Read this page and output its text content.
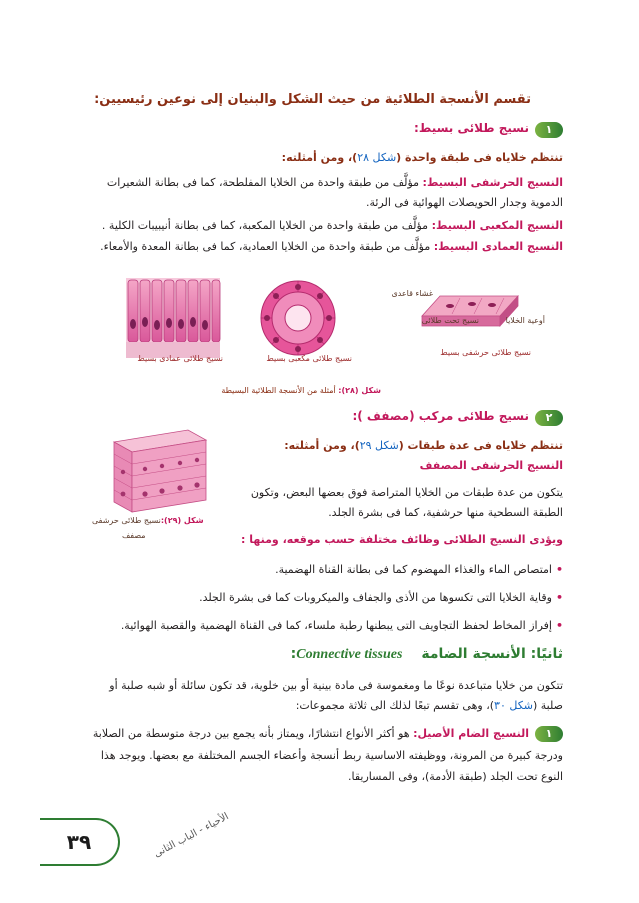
تقسم الأنسجة الطلائية من حيث الشكل والبنيان إلى نوعين رئيسيين:
١
نسيج طلائى بسيط:
تنتظم خلاياه فى طبقة واحدة (شكل ٢٨)، ومن أمثلته:
النسيج الحرشفى البسيط: مؤلَّف من طبقة واحدة من الخلايا المفلطحة، كما فى بطانة الشعيرات
الدموية وجدار الحويصلات الهوائية فى الرئة.
النسيج المكعبى البسيط: مؤلَّف من طبقة واحدة من الخلايا المكعبة، كما فى بطانة أنيبيبات الكلية .
النسيج العمادى البسيط: مؤلَّف من طبقة واحدة من الخلايا العمادية، كما فى بطانة المعدة والأمعاء.
غشاء قاعدى
أوعية الخلايا
نسيج تحت طلائى
نسيج طلائى عمادى بسيط	نسيج طلائى مكعبى بسيط
نسيج طلائى حرشفى بسيط
شكل (٢٨): أمثلة من الأنسجة الطلائية البسيطة
٢
نسيج طلائى مركب (مصفف ):
تنتظم خلاياه فى عدة طبقات (شكل ٢٩)، ومن أمثلته:
النسيج الحرشفى المصفف
يتكون من عدة طبقات من الخلايا المتراصة فوق بعضها البعض، وتكون
الطبقة السطحية منها حرشفية، كما فى بشرة الجلد.
شكل (٢٩):نسيج طلائى حرشفى
مصفف	ويؤدى النسيج الطلائى وظائف مختلفة حسب موقعه، ومنها :
•امتصاص الماء والغذاء المهضوم كما فى بطانة القناة الهضمية.
•وقاية الخلايا التى تكسوها من الأذى والجفاف والميكروبات كما فى بشرة الجلد.
•إفراز المخاط لحفظ التجاويف التى يبطنها رطبة ملساء، كما فى القناة الهضمية والقصبة الهوائية.
ثانيًا: الأنسجة الضامة Connective tissues:
تتكون من خلايا متباعدة نوعًا ما ومغموسة فى مادة بينية أو بين خلوية، قد تكون سائلة أو شبه صلبة أو
صلبة (شكل ٣٠)، وهى تقسم تبعًا لذلك الى ثلاثة مجموعات:
١
النسيج الضام الأصيل: هو أكثر الأنواع انتشارًا، ويمتاز بأنه يجمع بين درجة متوسطة من الصلابة
ودرجة كبيرة من المرونة، ووظيفته الاساسية ربط أنسجة وأعضاء الجسم المختلفة مع بعضها. ويوجد هذا
النوع تحت الجلد (طبقة الأدمة)، وفى المساريقا.
٣٩	الأحياء - الباب الثانى
